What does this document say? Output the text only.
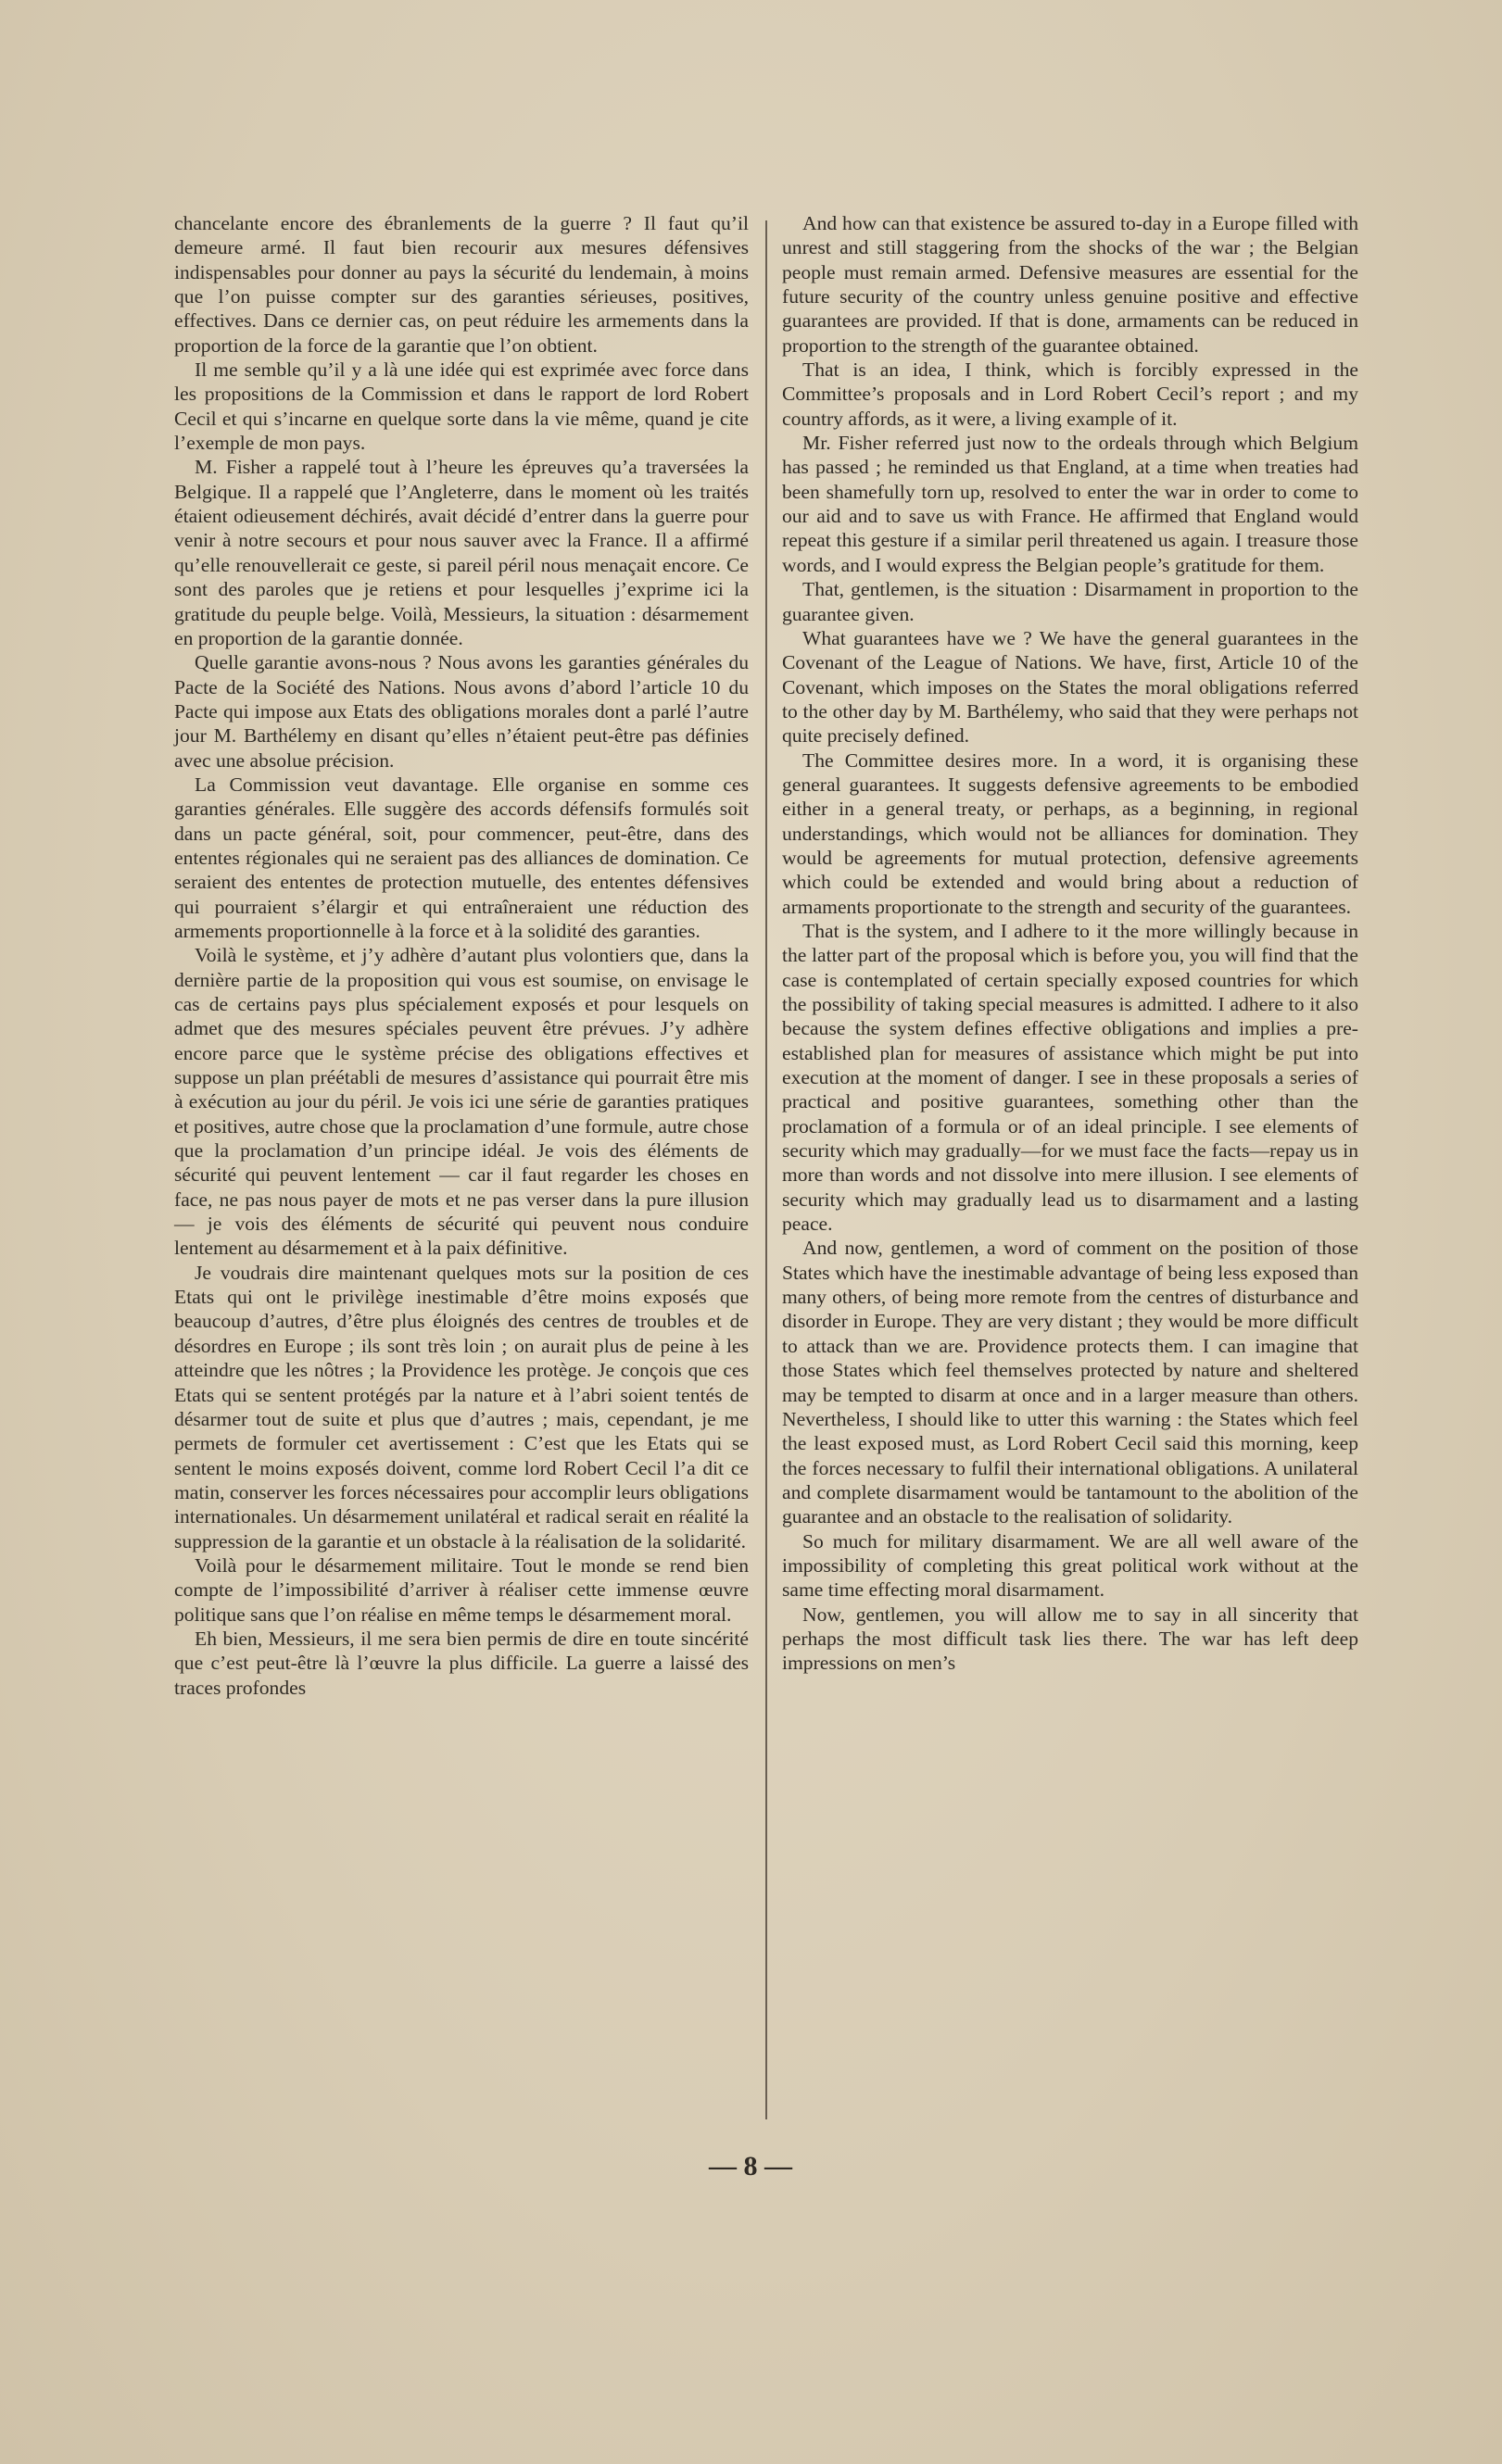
chancelante encore des ébranlements de la guerre ? Il faut qu’il demeure armé. Il faut bien recourir aux mesures défensives indispensables pour donner au pays la sécurité du lendemain, à moins que l’on puisse compter sur des garanties sérieuses, positives, effectives. Dans ce dernier cas, on peut réduire les armements dans la proportion de la force de la garantie que l’on obtient.

Il me semble qu’il y a là une idée qui est exprimée avec force dans les propositions de la Commission et dans le rapport de lord Robert Cecil et qui s’incarne en quelque sorte dans la vie même, quand je cite l’exemple de mon pays.

M. Fisher a rappelé tout à l’heure les épreuves qu’a traversées la Belgique. Il a rappelé que l’Angleterre, dans le moment où les traités étaient odieusement déchirés, avait décidé d’entrer dans la guerre pour venir à notre secours et pour nous sauver avec la France. Il a affirmé qu’elle renouvellerait ce geste, si pareil péril nous menaçait encore. Ce sont des paroles que je retiens et pour lesquelles j’exprime ici la gratitude du peuple belge. Voilà, Messieurs, la situation : désarmement en proportion de la garantie donnée.

Quelle garantie avons-nous ? Nous avons les garanties générales du Pacte de la Société des Nations. Nous avons d’abord l’article 10 du Pacte qui impose aux Etats des obligations morales dont a parlé l’autre jour M. Barthélemy en disant qu’elles n’étaient peut-être pas définies avec une absolue précision.

La Commission veut davantage. Elle organise en somme ces garanties générales. Elle suggère des accords défensifs formulés soit dans un pacte général, soit, pour commencer, peut-être, dans des ententes régionales qui ne seraient pas des alliances de domination. Ce seraient des ententes de protection mutuelle, des ententes défensives qui pourraient s’élargir et qui entraîneraient une réduction des armements proportionnelle à la force et à la solidité des garanties.

Voilà le système, et j’y adhère d’autant plus volontiers que, dans la dernière partie de la proposition qui vous est soumise, on envisage le cas de certains pays plus spécialement exposés et pour lesquels on admet que des mesures spéciales peuvent être prévues. J’y adhère encore parce que le système précise des obligations effectives et suppose un plan préétabli de mesures d’assistance qui pourrait être mis à exécution au jour du péril. Je vois ici une série de garanties pratiques et positives, autre chose que la proclamation d’une formule, autre chose que la proclamation d’un principe idéal. Je vois des éléments de sécurité qui peuvent lentement — car il faut regarder les choses en face, ne pas nous payer de mots et ne pas verser dans la pure illusion — je vois des éléments de sécurité qui peuvent nous conduire lentement au désarmement et à la paix définitive.

Je voudrais dire maintenant quelques mots sur la position de ces Etats qui ont le privilège inestimable d’être moins exposés que beaucoup d’autres, d’être plus éloignés des centres de troubles et de désordres en Europe ; ils sont très loin ; on aurait plus de peine à les atteindre que les nôtres ; la Providence les protège. Je conçois que ces Etats qui se sentent protégés par la nature et à l’abri soient tentés de désarmer tout de suite et plus que d’autres ; mais, cependant, je me permets de formuler cet avertissement : C’est que les Etats qui se sentent le moins exposés doivent, comme lord Robert Cecil l’a dit ce matin, conserver les forces nécessaires pour accomplir leurs obligations internationales. Un désarmement unilatéral et radical serait en réalité la suppression de la garantie et un obstacle à la réalisation de la solidarité.

Voilà pour le désarmement militaire. Tout le monde se rend bien compte de l’impossibilité d’arriver à réaliser cette immense œuvre politique sans que l’on réalise en même temps le désarmement moral.

Eh bien, Messieurs, il me sera bien permis de dire en toute sincérité que c’est peut-être là l’œuvre la plus difficile. La guerre a laissé des traces profondes

And how can that existence be assured to-day in a Europe filled with unrest and still staggering from the shocks of the war ; the Belgian people must remain armed. Defensive measures are essential for the future security of the country unless genuine positive and effective guarantees are provided. If that is done, armaments can be reduced in proportion to the strength of the guarantee obtained.

That is an idea, I think, which is forcibly expressed in the Committee’s proposals and in Lord Robert Cecil’s report ; and my country affords, as it were, a living example of it.

Mr. Fisher referred just now to the ordeals through which Belgium has passed ; he reminded us that England, at a time when treaties had been shamefully torn up, resolved to enter the war in order to come to our aid and to save us with France. He affirmed that England would repeat this gesture if a similar peril threatened us again. I treasure those words, and I would express the Belgian people’s gratitude for them.

That, gentlemen, is the situation : Disarmament in proportion to the guarantee given.

What guarantees have we ? We have the general guarantees in the Covenant of the League of Nations. We have, first, Article 10 of the Covenant, which imposes on the States the moral obligations referred to the other day by M. Barthélemy, who said that they were perhaps not quite precisely defined.

The Committee desires more. In a word, it is organising these general guarantees. It suggests defensive agreements to be embodied either in a general treaty, or perhaps, as a beginning, in regional understandings, which would not be alliances for domination. They would be agreements for mutual protection, defensive agreements which could be extended and would bring about a reduction of armaments proportionate to the strength and security of the guarantees.

That is the system, and I adhere to it the more willingly because in the latter part of the proposal which is before you, you will find that the case is contemplated of certain specially exposed countries for which the possibility of taking special measures is admitted. I adhere to it also because the system defines effective obligations and implies a pre-established plan for measures of assistance which might be put into execution at the moment of danger. I see in these proposals a series of practical and positive guarantees, something other than the proclamation of a formula or of an ideal principle. I see elements of security which may gradually—for we must face the facts—repay us in more than words and not dissolve into mere illusion. I see elements of security which may gradually lead us to disarmament and a lasting peace.

And now, gentlemen, a word of comment on the position of those States which have the inestimable advantage of being less exposed than many others, of being more remote from the centres of disturbance and disorder in Europe. They are very distant ; they would be more difficult to attack than we are. Providence protects them. I can imagine that those States which feel themselves protected by nature and sheltered may be tempted to disarm at once and in a larger measure than others. Nevertheless, I should like to utter this warning : the States which feel the least exposed must, as Lord Robert Cecil said this morning, keep the forces necessary to fulfil their international obligations. A unilateral and complete disarmament would be tantamount to the abolition of the guarantee and an obstacle to the realisation of solidarity.

So much for military disarmament. We are all well aware of the impossibility of completing this great political work without at the same time effecting moral disarmament.

Now, gentlemen, you will allow me to say in all sincerity that perhaps the most difficult task lies there. The war has left deep impressions on men’s

— 8 —
